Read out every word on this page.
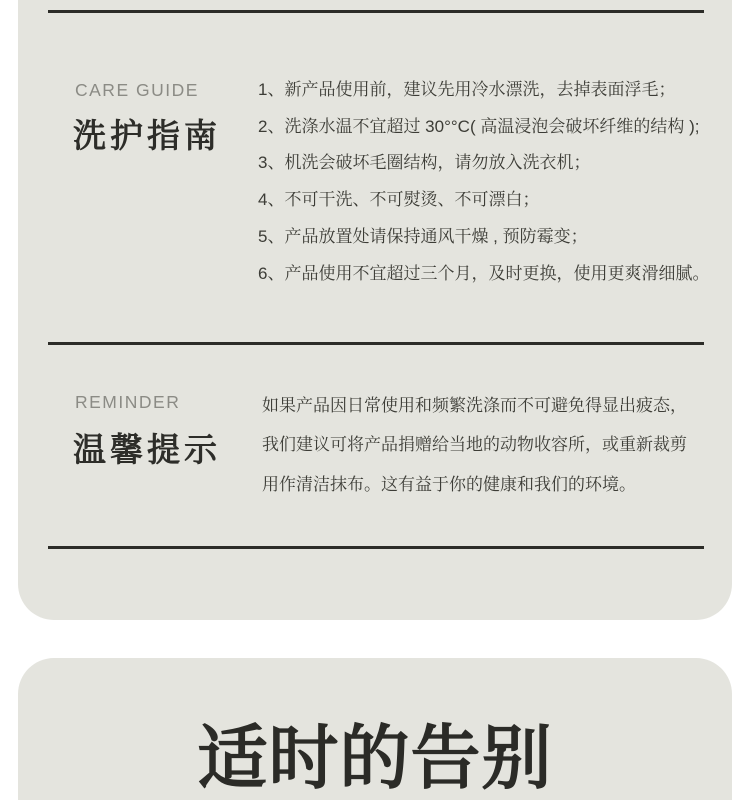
CARE GUIDE
洗护指南
1、新产品使用前，建议先用冷水漂洗，去掉表面浮毛；
2、洗涤水温不宜超过 30°°C( 高温浸泡会破坏纤维的结构 );
3、机洗会破坏毛圈结构，请勿放入洗衣机；
4、不可干洗、不可熨烫、不可漂白；
5、产品放置处请保持通风干燥 , 预防霉变；
6、产品使用不宜超过三个月，及时更换，使用更爽滑细腻。
REMINDER
温馨提示
如果产品因日常使用和频繁洗涤而不可避免得显出疲态，
我们建议可将产品捐赠给当地的动物收容所，或重新裁剪
用作清洁抹布。这有益于你的健康和我们的环境。
适时的告别
